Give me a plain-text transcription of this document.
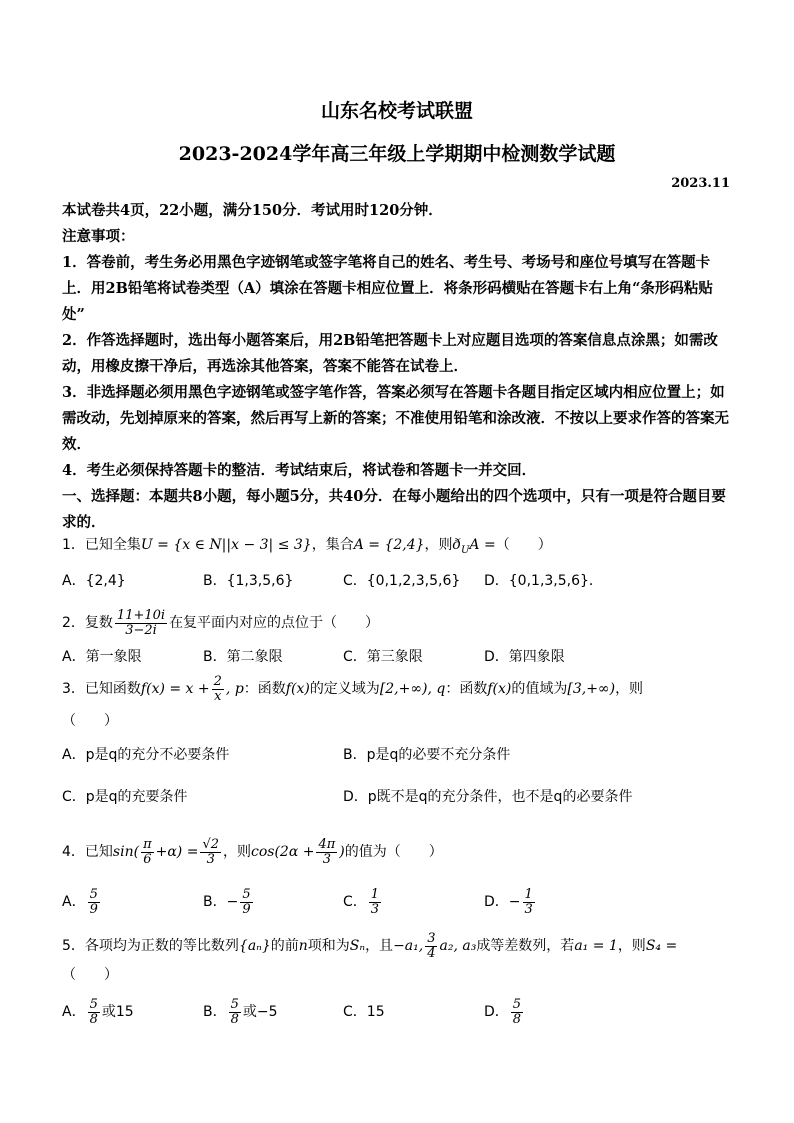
山东名校考试联盟
2023-2024学年高三年级上学期期中检测数学试题
2023.11
本试卷共4页，22小题，满分150分．考试用时120分钟．
注意事项：
1．答卷前，考生务必用黑色字迹钢笔或签字笔将自己的姓名、考生号、考场号和座位号填写在答题卡上．用2B铅笔将试卷类型（A）填涂在答题卡相应位置上．将条形码横贴在答题卡右上角“条形码粘贴处”
2．作答选择题时，选出每小题答案后，用2B铅笔把答题卡上对应题目选项的答案信息点涂黑；如需改动，用橡皮擦干净后，再选涂其他答案，答案不能答在试卷上．
3．非选择题必须用黑色字迹钢笔或签字笔作答，答案必须写在答题卡各题目指定区域内相应位置上；如需改动，先划掉原来的答案，然后再写上新的答案；不准使用铅笔和涂改液．不按以上要求作答的答案无效．
4．考生必须保持答题卡的整洁．考试结束后，将试卷和答题卡一并交回．
一、选择题：本题共8小题，每小题5分，共40分．在每小题给出的四个选项中，只有一项是符合题目要求的．
1．已知全集U = {x ∈ N||x − 3| ≤ 3}，集合A = {2,4}，则$ð_UA$ =（　　）
A．{2,4}	B．{1,3,5,6}	C．{0,1,2,3,5,6} D．{0,1,3,5,6}．
2．复数 $\frac{11+10i}{3-2i}$ 在复平面内对应的点位于（　　）
A．第一象限	B．第二象限	C．第三象限	D．第四象限
3．已知函数$f(x) = x + \frac{2}{x}$ , p：函数f(x)的定义域为[2,+∞), q：函数f(x)的值域为[3,+∞)，则
（　　）
A．p是q的充分不必要条件	B．p是q的必要不充分条件
C．p是q的充要条件	D．p既不是q的充分条件，也不是q的必要条件
4．已知$\sin( \frac{\pi}{6} +\alpha) = \frac{√2}{3}$ ，则$\cos(2\alpha + \frac{4\pi}{3}$ )的值为（　　）
A． $\frac{5}{9}$	B．− $\frac{5}{9}$	C． $\frac{1}{3}$	D．− $\frac{1}{3}$
5．各项均为正数的等比数列{aₙ}的前n项和为Sₙ，且−a₁, $\frac{3}{4} a_2$, a₃成等差数列，若a₁ = 1，则S₄ =
（　　）
A． $\frac{5}{8}$ 或15	B． $\frac{5}{8}$ 或−5	C．15	D． $\frac{5}{8}$
